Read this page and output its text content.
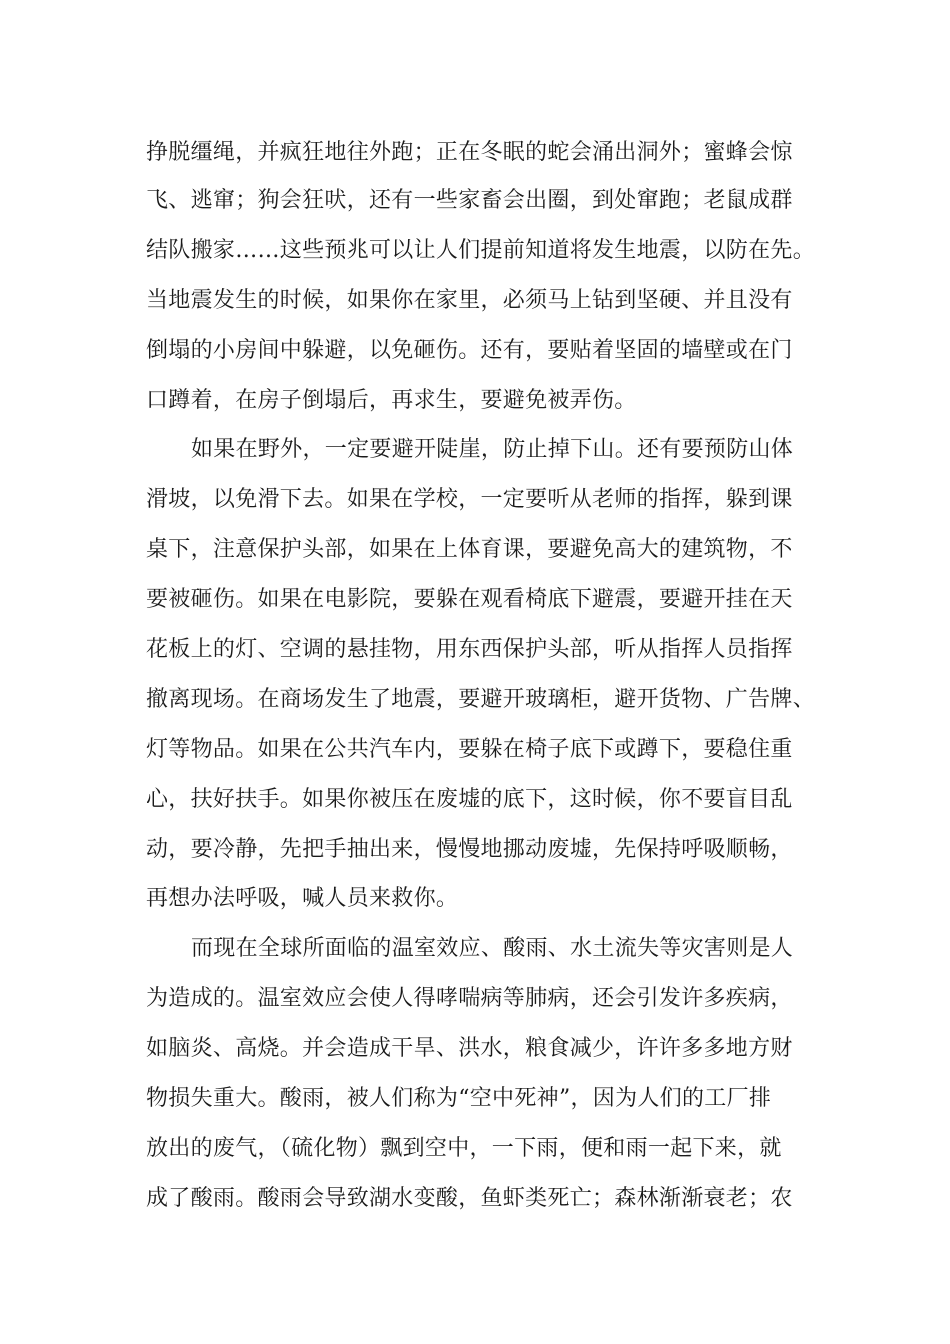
挣脱缰绳，并疯狂地往外跑；正在冬眠的蛇会涌出洞外；蜜蜂会惊
飞、逃窜；狗会狂吠，还有一些家畜会出圈，到处窜跑；老鼠成群
结队搬家……这些预兆可以让人们提前知道将发生地震，以防在先。
当地震发生的时候，如果你在家里，必须马上钻到坚硬、并且没有
倒塌的小房间中躲避，以免砸伤。还有，要贴着坚固的墙壁或在门
口蹲着，在房子倒塌后，再求生，要避免被弄伤。
如果在野外，一定要避开陡崖，防止掉下山。还有要预防山体
滑坡，以免滑下去。如果在学校，一定要听从老师的指挥，躲到课
桌下，注意保护头部，如果在上体育课，要避免高大的建筑物，不
要被砸伤。如果在电影院，要躲在观看椅底下避震，要避开挂在天
花板上的灯、空调的悬挂物，用东西保护头部，听从指挥人员指挥
撤离现场。在商场发生了地震，要避开玻璃柜，避开货物、广告牌、
灯等物品。如果在公共汽车内，要躲在椅子底下或蹲下，要稳住重
心，扶好扶手。如果你被压在废墟的底下，这时候，你不要盲目乱
动，要冷静，先把手抽出来，慢慢地挪动废墟，先保持呼吸顺畅，
再想办法呼吸，喊人员来救你。
而现在全球所面临的温室效应、酸雨、水土流失等灾害则是人
为造成的。温室效应会使人得哮喘病等肺病，还会引发许多疾病，
如脑炎、高烧。并会造成干旱、洪水，粮食减少，许许多多地方财
物损失重大。酸雨，被人们称为“空中死神”，因为人们的工厂排
放出的废气，（硫化物）飘到空中，一下雨，便和雨一起下来，就
成了酸雨。酸雨会导致湖水变酸，鱼虾类死亡；森林渐渐衰老；农
